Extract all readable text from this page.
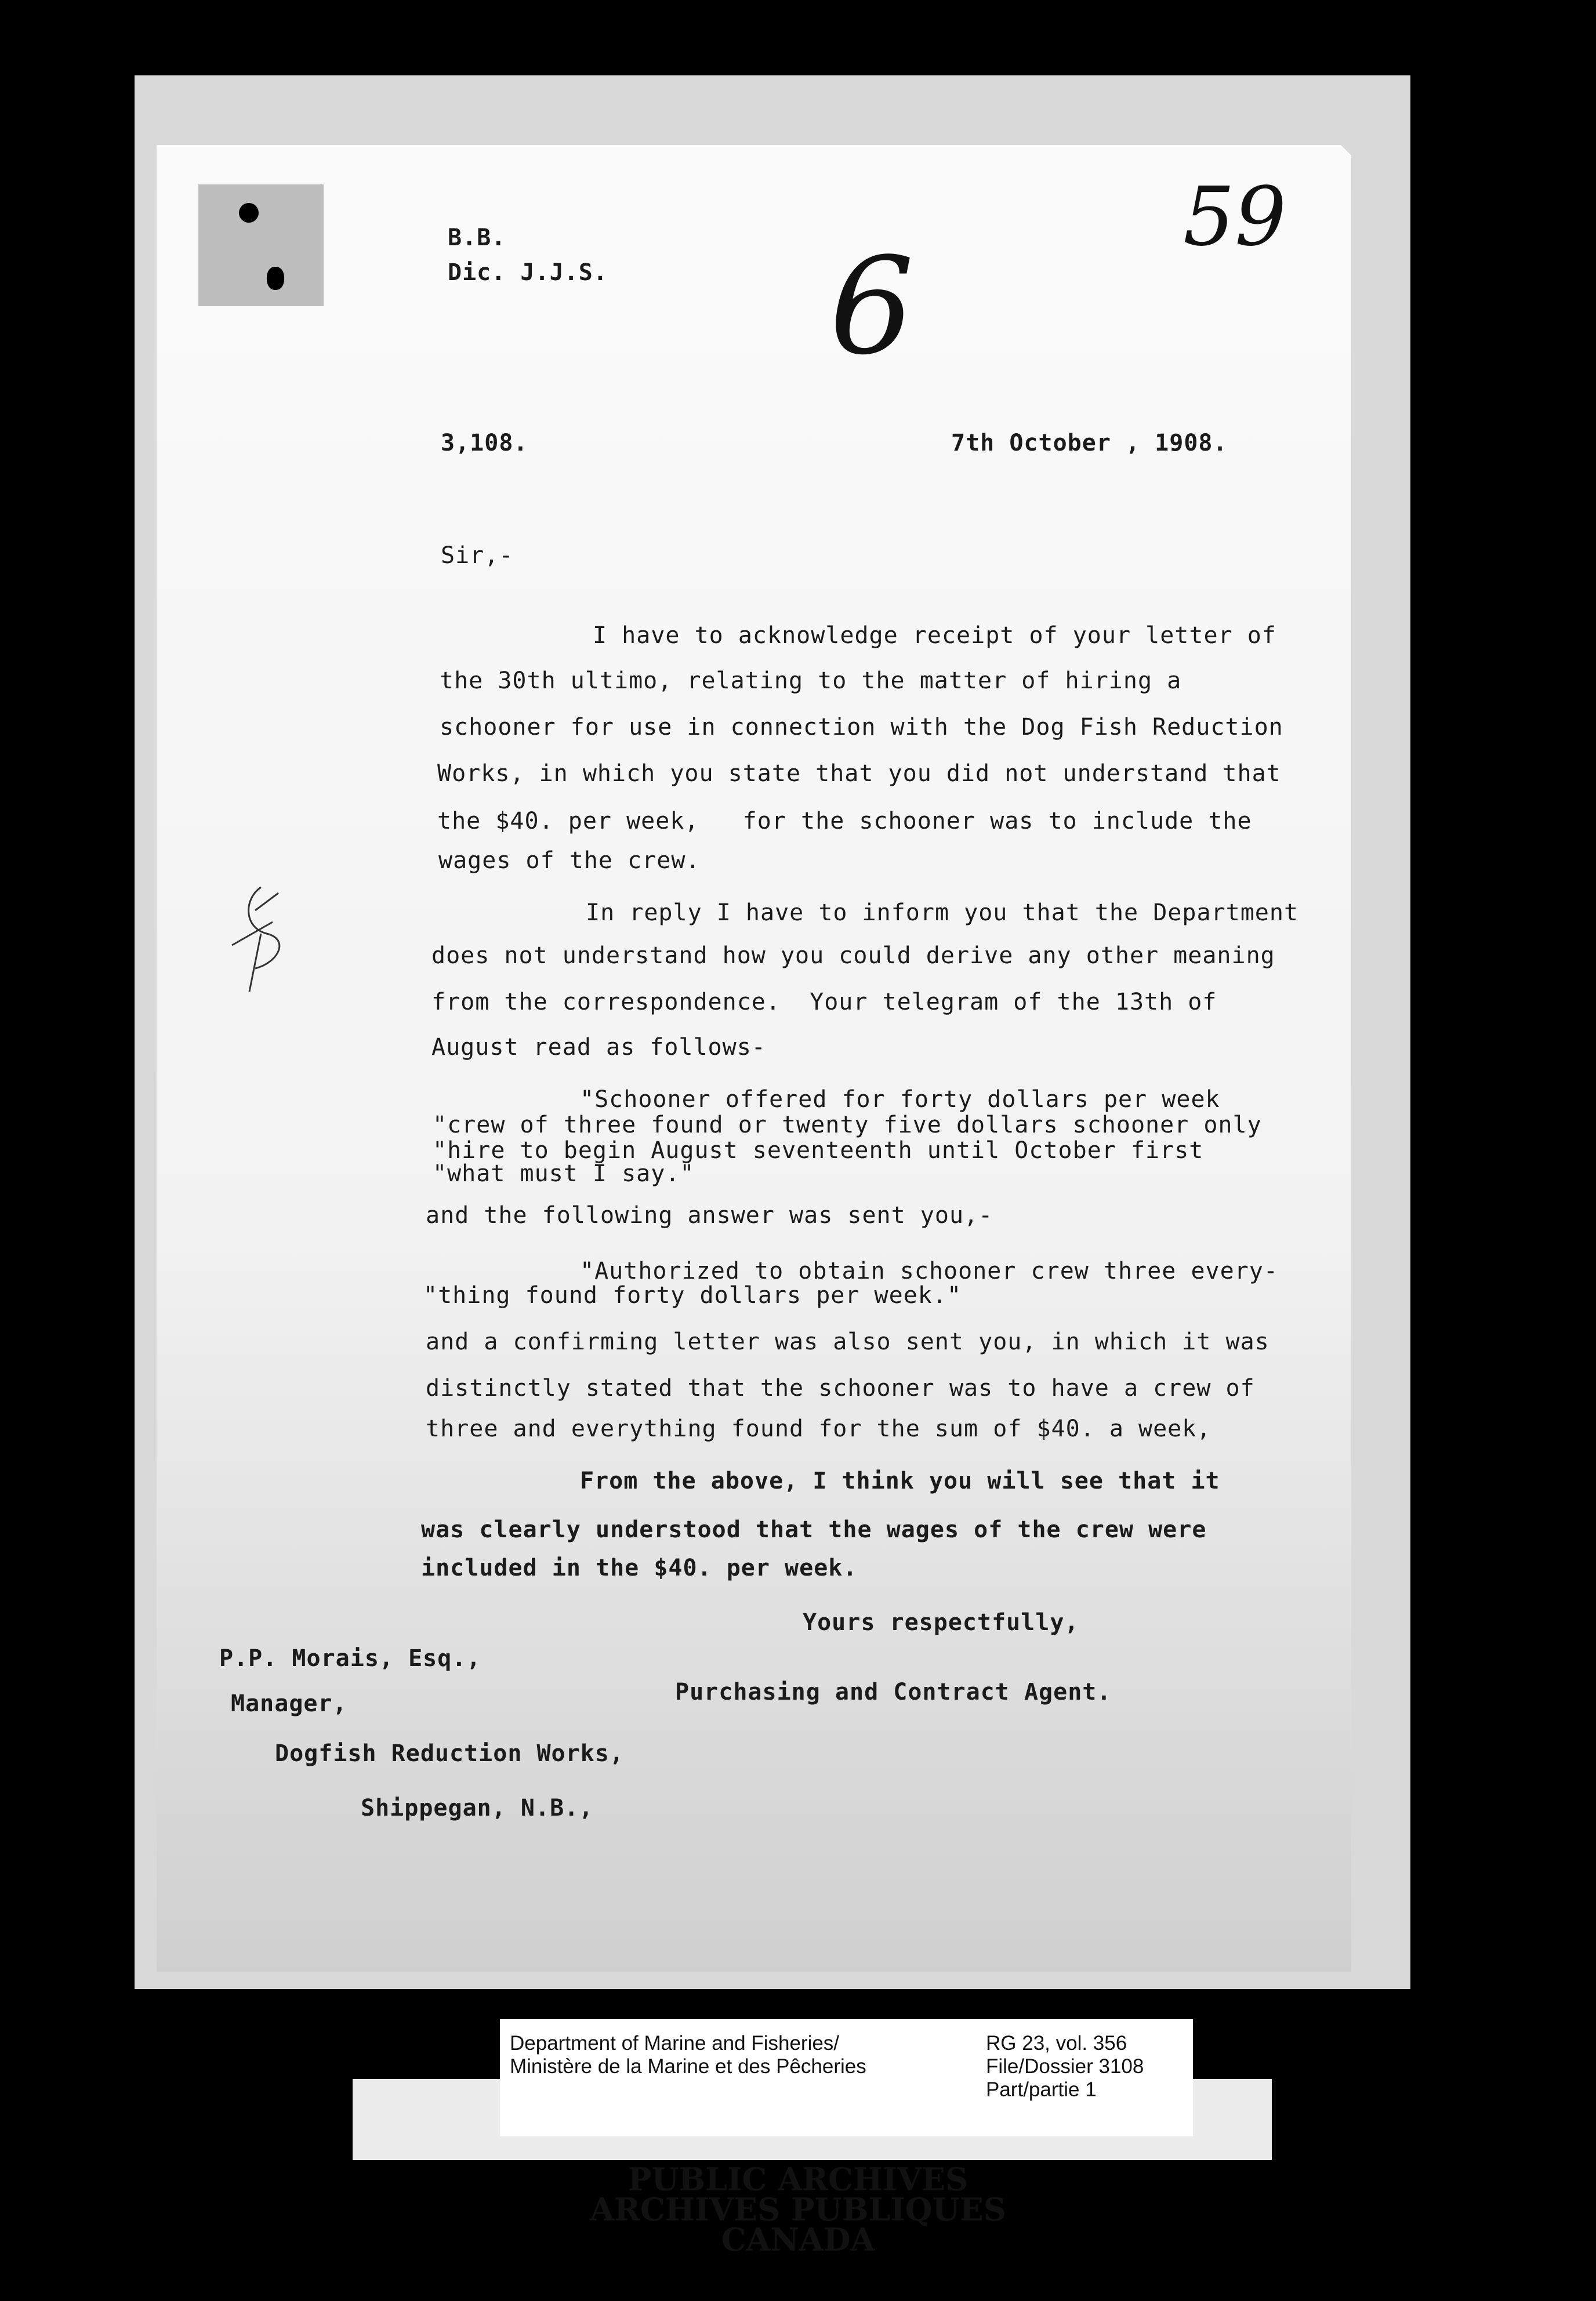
B.B.
Dic. J.J.S.
59
6
3,108.	7th October , 1908.
Sir,-
I have to acknowledge receipt of your letter of
the 30th ultimo, relating to the matter of hiring a
schooner for use in connection with the Dog Fish Reduction
Works, in which you state that you did not understand that
the $40. per week,   for the schooner was to include the
wages of the crew.
In reply I have to inform you that the Department
does not understand how you could derive any other meaning
from the correspondence.  Your telegram of the 13th of
August read as follows-
"Schooner offered for forty dollars per week
"crew of three found or twenty five dollars schooner only
"hire to begin August seventeenth until October first
"what must I say."
and the following answer was sent you,-
"Authorized to obtain schooner crew three every-
"thing found forty dollars per week."
and a confirming letter was also sent you, in which it was
distinctly stated that the schooner was to have a crew of
three and everything found for the sum of $40. a week,
From the above, I think you will see that it
was clearly understood that the wages of the crew were
included in the $40. per week.
Yours respectfully,
Purchasing and Contract Agent.
P.P. Morais, Esq.,
Manager,
Dogfish Reduction Works,
Shippegan, N.B.,
Department of Marine and Fisheries/
Ministère de la Marine et des Pêcheries
RG 23, vol. 356
File/Dossier 3108
Part/partie 1
PUBLIC ARCHIVES
ARCHIVES PUBLIQUES
CANADA
